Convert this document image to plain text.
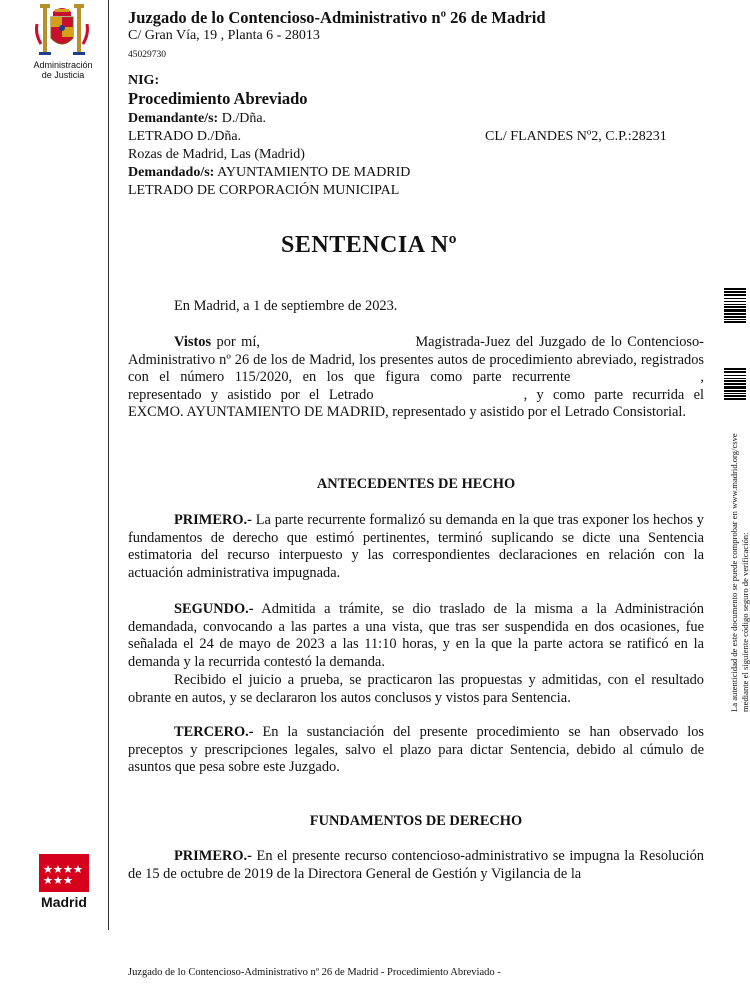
Administración
de Justicia
Madrid
Juzgado de lo Contencioso-Administrativo nº 26 de Madrid
C/ Gran Vía, 19 , Planta 6 - 28013
45029730
NIG:
Procedimiento Abreviado
Demandante/s: D./Dña.
LETRADO D./Dña.	CL/ FLANDES Nº2, C.P.:28231
Rozas de Madrid, Las (Madrid)
Demandado/s: AYUNTAMIENTO DE MADRID
LETRADO DE CORPORACIÓN MUNICIPAL
SENTENCIA Nº
En Madrid, a 1 de septiembre de 2023.
Vistos por mí,	Magistrada-Juez del Juzgado de lo Contencioso-Administrativo nº 26 de los de Madrid, los presentes autos de procedimiento abreviado, registrados con el número 115/2020, en los que figura como parte recurrente	, representado y asistido por el Letrado	, y como parte recurrida el EXCMO. AYUNTAMIENTO DE MADRID, representado y asistido por el Letrado Consistorial.
ANTECEDENTES DE HECHO
PRIMERO.- La parte recurrente formalizó su demanda en la que tras exponer los hechos y fundamentos de derecho que estimó pertinentes, terminó suplicando se dicte una Sentencia estimatoria del recurso interpuesto y las correspondientes declaraciones en relación con la actuación administrativa impugnada.
SEGUNDO.- Admitida a trámite, se dio traslado de la misma a la Administración demandada, convocando a las partes a una vista, que tras ser suspendida en dos ocasiones, fue señalada el 24 de mayo de 2023 a las 11:10 horas, y en la que la parte actora se ratificó en la demanda y la recurrida contestó la demanda.
Recibido el juicio a prueba, se practicaron las propuestas y admitidas, con el resultado obrante en autos, y se declararon los autos conclusos y vistos para Sentencia.
TERCERO.- En la sustanciación del presente procedimiento se han observado los preceptos y prescripciones legales, salvo el plazo para dictar Sentencia, debido al cúmulo de asuntos que pesa sobre este Juzgado.
FUNDAMENTOS DE DERECHO
PRIMERO.- En el presente recurso contencioso-administrativo se impugna la Resolución de 15 de octubre de 2019 de la Directora General de Gestión y Vigilancia de la
Juzgado de lo Contencioso-Administrativo nº 26 de Madrid - Procedimiento Abreviado -
La autenticidad de este documento se puede comprobar en www.madrid.org/csve mediante el siguiente código seguro de verificación:
